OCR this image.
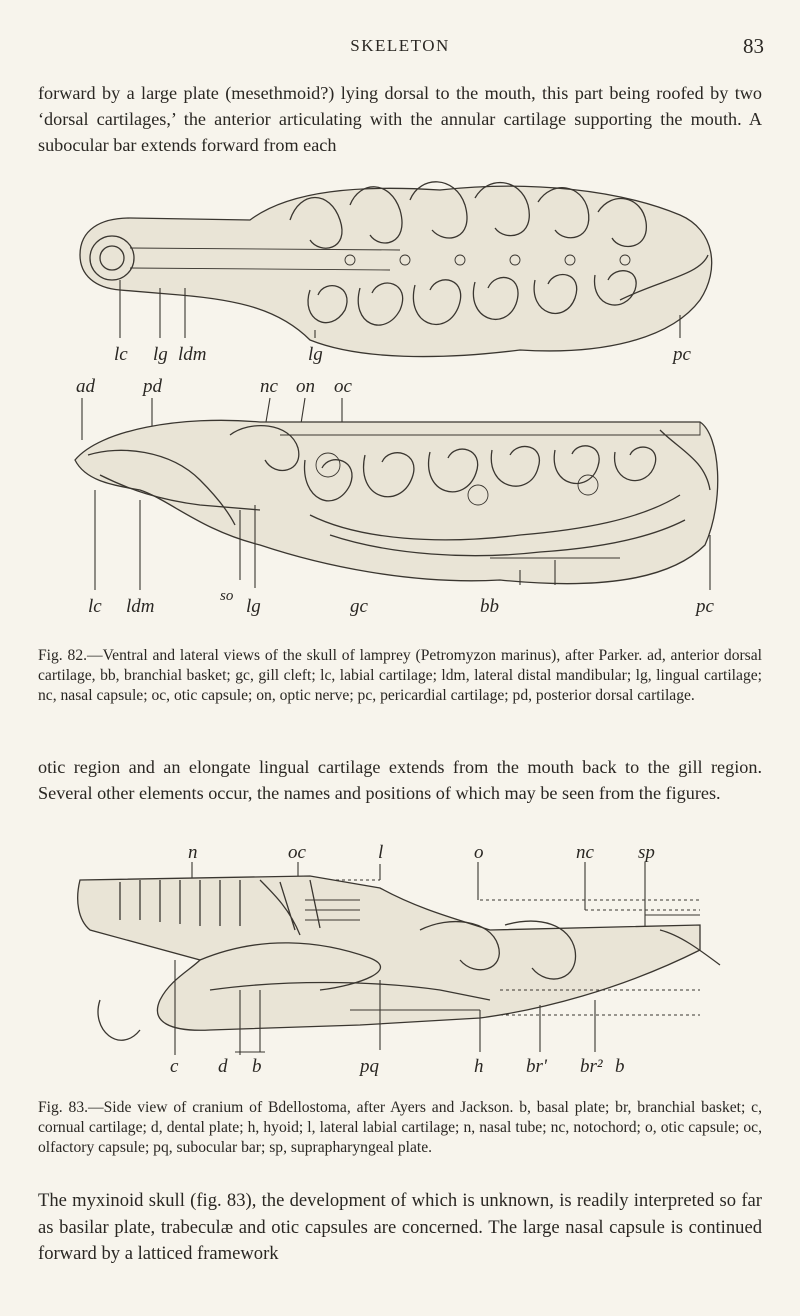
SKELETON	83

forward by a large plate (mesethmoid?) lying dorsal to the mouth, this part being roofed by two ‘dorsal cartilages,’ the anterior articulating with the annular cartilage supporting the mouth. A subocular bar extends forward from each

lc lg ldm	lg	pc
ad	pd	nc on oc
lc ldm	so lg	gc	bb	pc

Fig. 82.—Ventral and lateral views of the skull of lamprey (Petromyzon marinus), after Parker. ad, anterior dorsal cartilage, bb, branchial basket; gc, gill cleft; lc, labial cartilage; ldm, lateral distal mandibular; lg, lingual cartilage; nc, nasal capsule; oc, otic capsule; on, optic nerve; pc, pericardial cartilage; pd, posterior dorsal cartilage.

otic region and an elongate lingual cartilage extends from the mouth back to the gill region. Several other elements occur, the names and positions of which may be seen from the figures.

n	oc	l	o	nc sp
c d b	pq	h br' br² b

Fig. 83.—Side view of cranium of Bdellostoma, after Ayers and Jackson. b, basal plate; br, branchial basket; c, cornual cartilage; d, dental plate; h, hyoid; l, lateral labial cartilage; n, nasal tube; nc, notochord; o, otic capsule; oc, olfactory capsule; pq, subocular bar; sp, suprapharyngeal plate.

The myxinoid skull (fig. 83), the development of which is unknown, is readily interpreted so far as basilar plate, trabeculæ and otic capsules are concerned. The large nasal capsule is continued forward by a latticed framework
